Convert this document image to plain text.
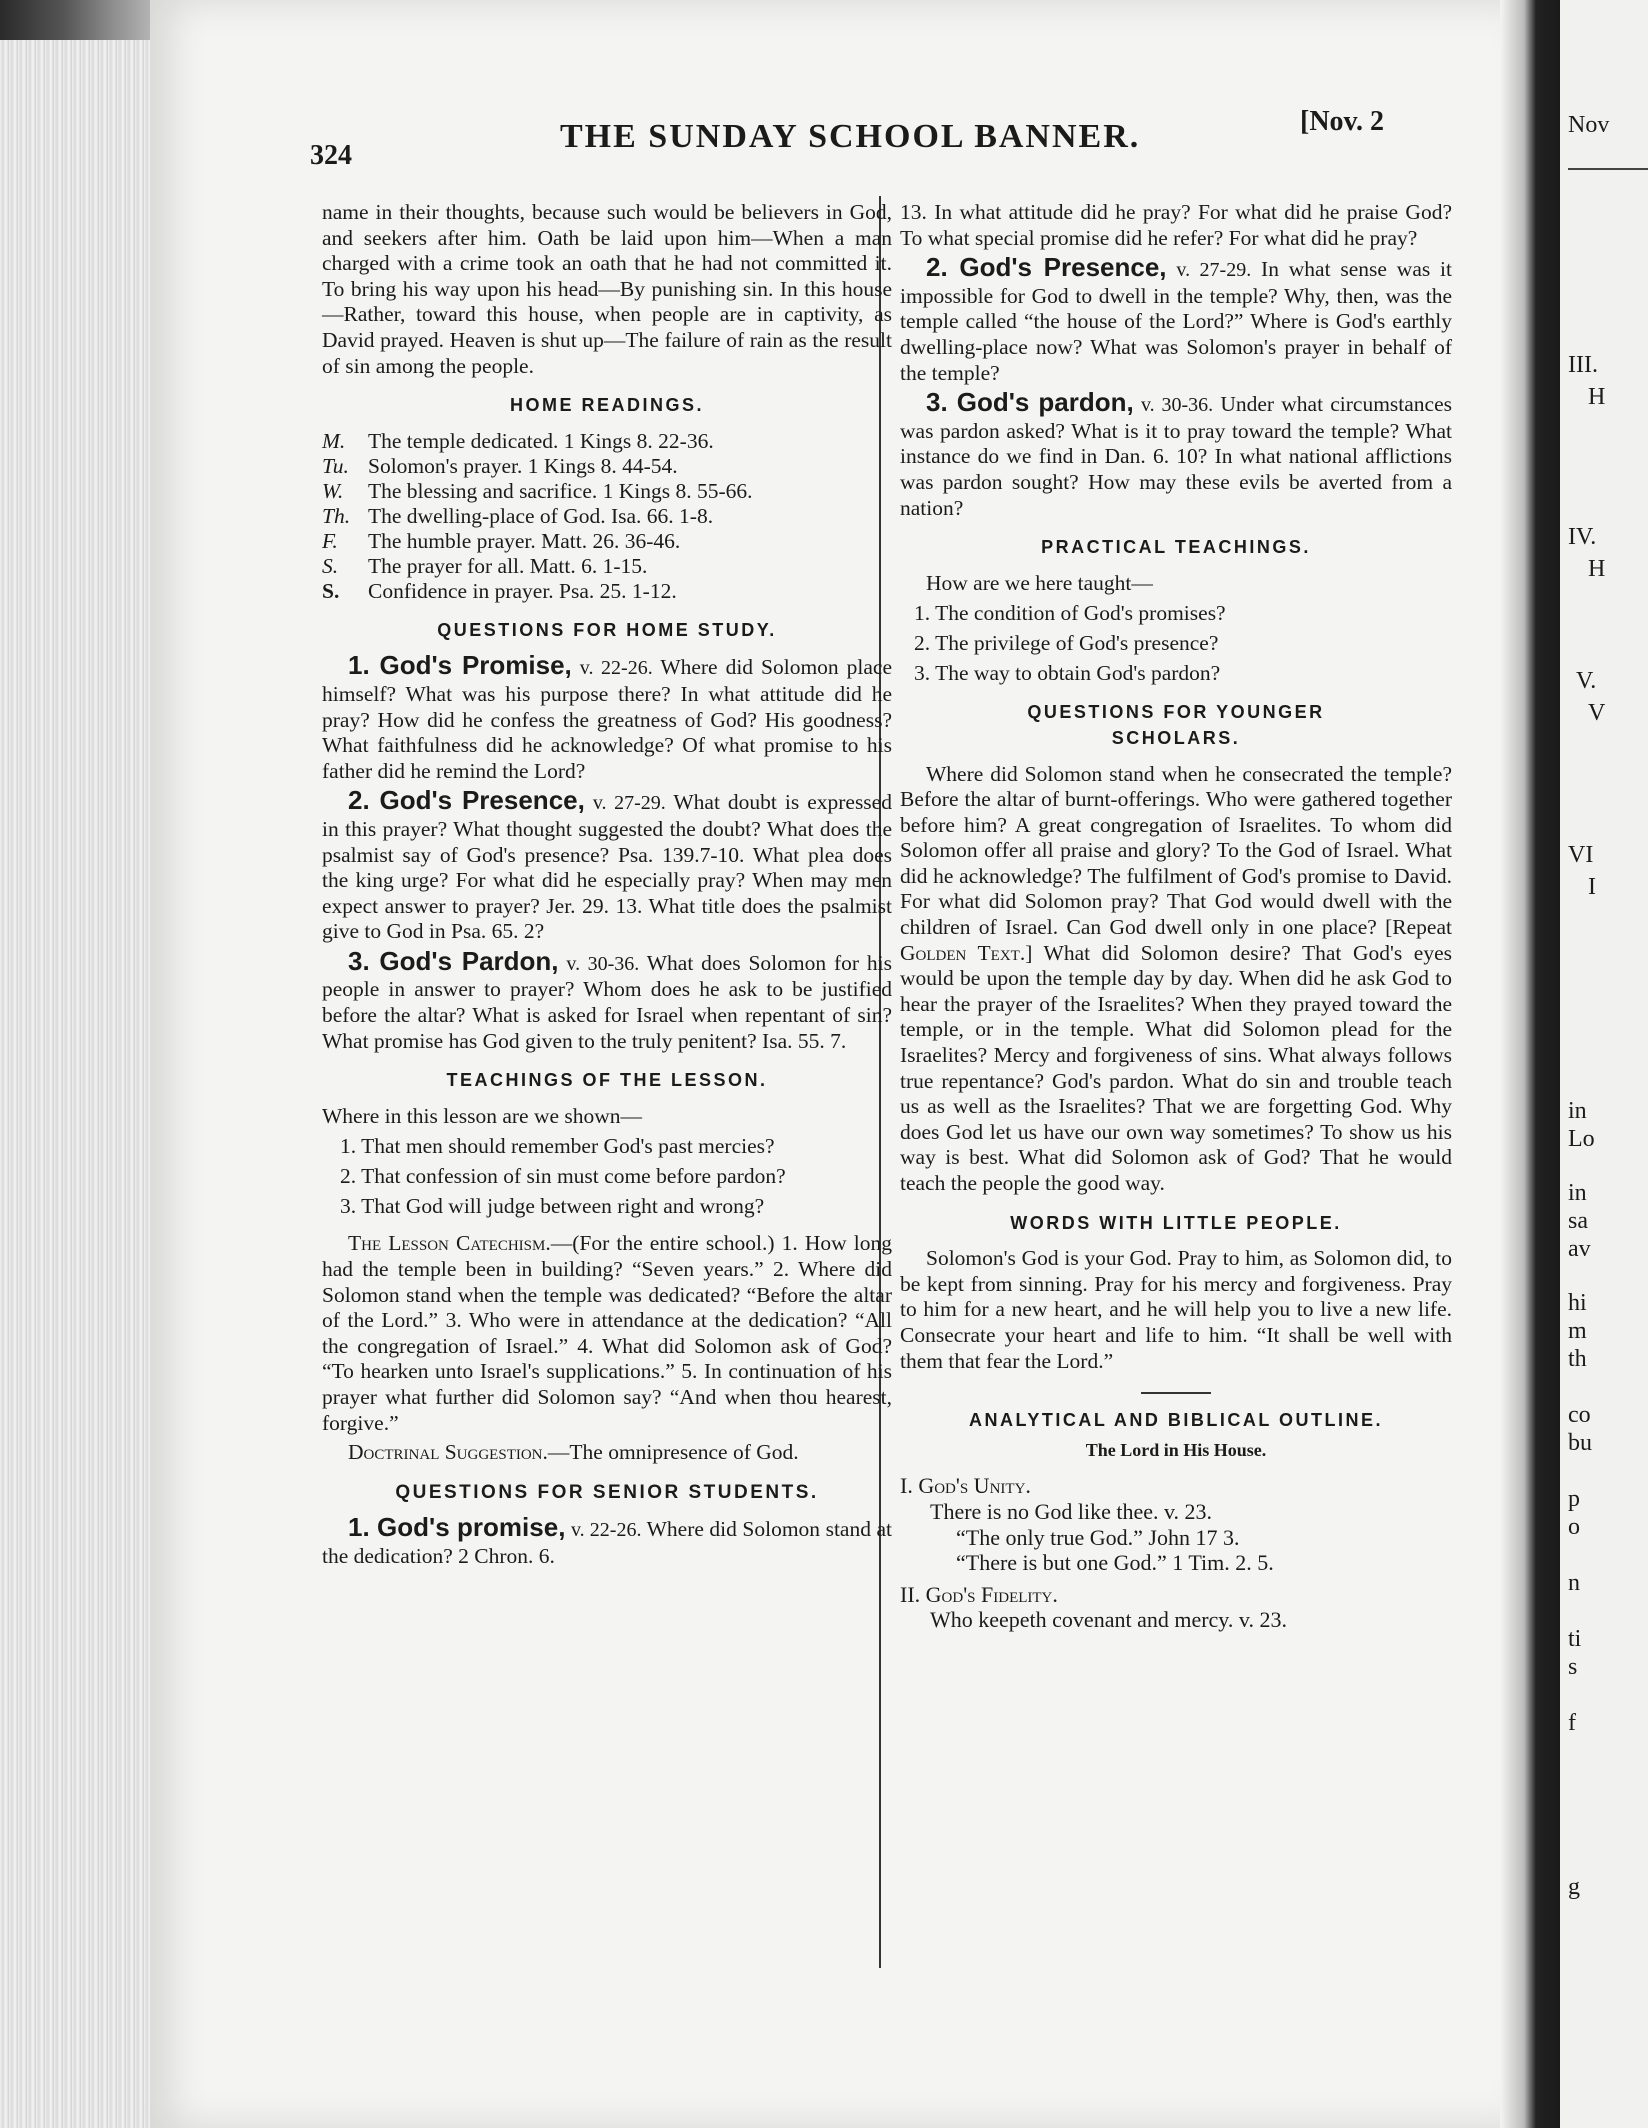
Nov
III.
H
IV.
H
V.
V
VI
I
in
Lo
in
sa
av
hi
m
th
co
bu
p
o
n
ti
s
f
g
324
THE SUNDAY SCHOOL BANNER.	[Nov. 2

name in their thoughts, because such would be believers in God, and seekers after him. Oath be laid upon him—When a man charged with a crime took an oath that he had not committed it. To bring his way upon his head—By punishing sin. In this house—Rather, toward this house, when people are in captivity, as David prayed. Heaven is shut up—The failure of rain as the result of sin among the people.

HOME READINGS.
M.	The temple dedicated. 1 Kings 8. 22-36.
Tu. Solomon's prayer. 1 Kings 8. 44-54.
W.	The blessing and sacrifice. 1 Kings 8. 55-66.
Th. The dwelling-place of God. Isa. 66. 1-8.
F.	The humble prayer. Matt. 26. 36-46.
S.	The prayer for all. Matt. 6. 1-15.
S.	Confidence in prayer. Psa. 25. 1-12.
QUESTIONS FOR HOME STUDY.

1. God's Promise, v. 22-26. Where did Solomon place himself? What was his purpose there? In what attitude did he pray? How did he confess the greatness of God? His goodness? What faithfulness did he acknowledge? Of what promise to his father did he remind the Lord?

2. God's Presence, v. 27-29. What doubt is expressed in this prayer? What thought suggested the doubt? What does the psalmist say of God's presence? Psa. 139.7-10. What plea does the king urge? For what did he especially pray? When may men expect answer to prayer? Jer. 29. 13. What title does the psalmist give to God in Psa. 65. 2?

3. God's Pardon, v. 30-36. What does Solomon for his people in answer to prayer? Whom does he ask to be justified before the altar? What is asked for Israel when repentant of sin? What promise has God given to the truly penitent? Isa. 55. 7.

TEACHINGS OF THE LESSON.

Where in this lesson are we shown—

1. That men should remember God's past mercies?

2. That confession of sin must come before pardon?

3. That God will judge between right and wrong?

The Lesson Catechism.—(For the entire school.) 1. How long had the temple been in building? “Seven years.” 2. Where did Solomon stand when the temple was dedicated? “Before the altar of the Lord.” 3. Who were in attendance at the dedication? “All the congregation of Israel.” 4. What did Solomon ask of God? “To hearken unto Israel's supplications.” 5. In continuation of his prayer what further did Solomon say? “And when thou hearest, forgive.”

Doctrinal Suggestion.—The omnipresence of God.

QUESTIONS FOR SENIOR STUDENTS.

1. God's promise, v. 22-26. Where did Solomon stand at the dedication? 2 Chron. 6.

13. In what attitude did he pray? For what did he praise God? To what special promise did he refer? For what did he pray?

2. God's Presence, v. 27-29. In what sense was it impossible for God to dwell in the temple? Why, then, was the temple called “the house of the Lord?” Where is God's earthly dwelling-place now? What was Solomon's prayer in behalf of the temple?

3. God's pardon, v. 30-36. Under what circumstances was pardon asked? What is it to pray toward the temple? What instance do we find in Dan. 6. 10? In what national afflictions was pardon sought? How may these evils be averted from a nation?

PRACTICAL TEACHINGS.

How are we here taught—

1. The condition of God's promises?

2. The privilege of God's presence?

3. The way to obtain God's pardon?

QUESTIONS FOR YOUNGER
SCHOLARS.

Where did Solomon stand when he consecrated the temple? Before the altar of burnt-offerings. Who were gathered together before him? A great congregation of Israelites. To whom did Solomon offer all praise and glory? To the God of Israel. What did he acknowledge? The fulfilment of God's promise to David. For what did Solomon pray? That God would dwell with the children of Israel. Can God dwell only in one place? [Repeat Golden Text.] What did Solomon desire? That God's eyes would be upon the temple day by day. When did he ask God to hear the prayer of the Israelites? When they prayed toward the temple, or in the temple. What did Solomon plead for the Israelites? Mercy and forgiveness of sins. What always follows true repentance? God's pardon. What do sin and trouble teach us as well as the Israelites? That we are forgetting God. Why does God let us have our own way sometimes? To show us his way is best. What did Solomon ask of God? That he would teach the people the good way.

WORDS WITH LITTLE PEOPLE.

Solomon's God is your God. Pray to him, as Solomon did, to be kept from sinning. Pray for his mercy and forgiveness. Pray to him for a new heart, and he will help you to live a new life. Consecrate your heart and life to him. “It shall be well with them that fear the Lord.”

ANALYTICAL AND BIBLICAL OUTLINE.
The Lord in His House.
I. God's Unity.
There is no God like thee. v. 23.
“The only true God.” John 17 3.
“There is but one God.” 1 Tim. 2. 5.
II. God's Fidelity.
Who keepeth covenant and mercy. v. 23.
